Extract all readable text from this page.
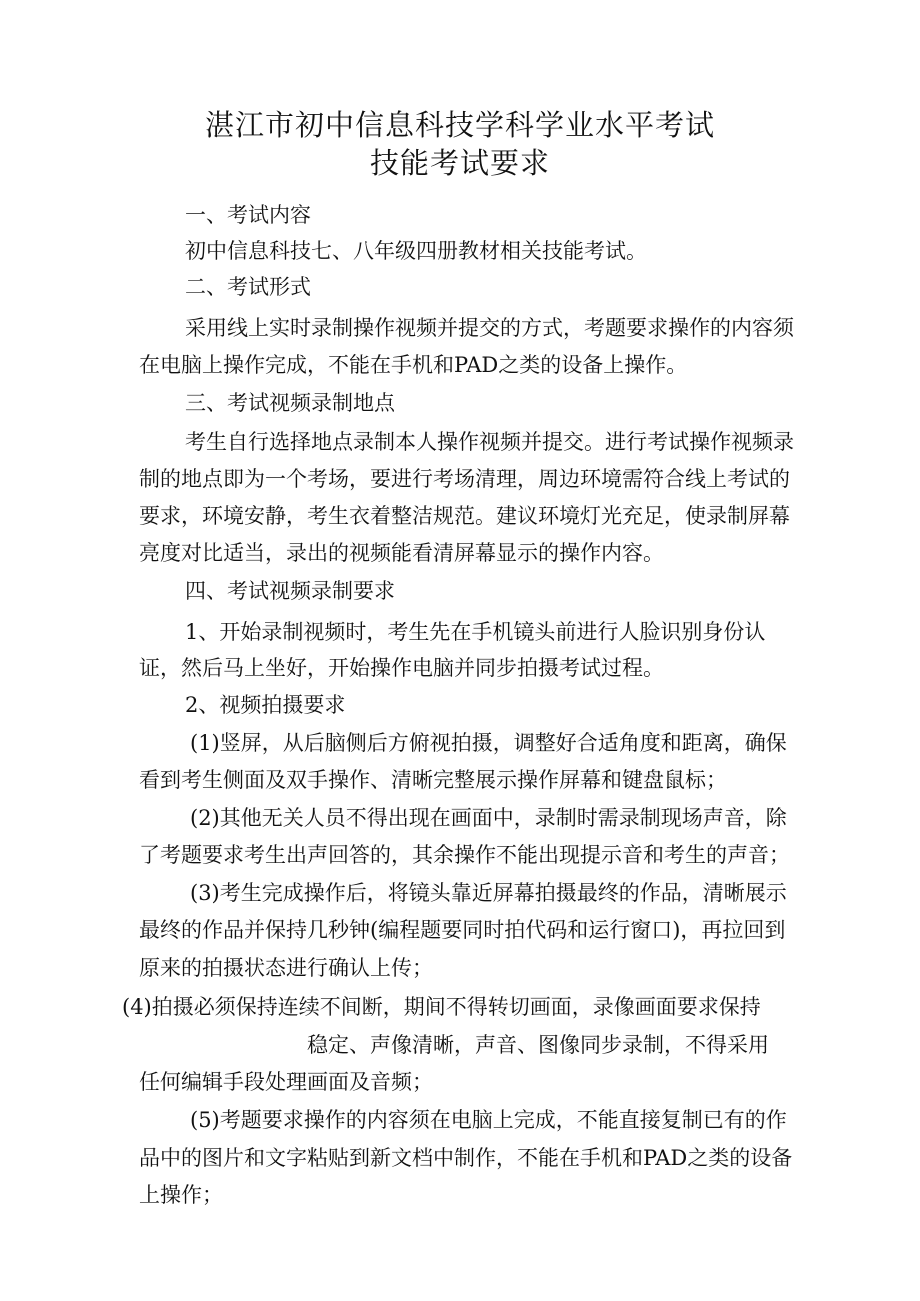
湛江市初中信息科技学科学业水平考试
技能考试要求
一、考试内容
初中信息科技七、八年级四册教材相关技能考试。
二、考试形式
采用线上实时录制操作视频并提交的方式，考题要求操作的内容须
在电脑上操作完成，不能在手机和PAD之类的设备上操作。
三、考试视频录制地点
考生自行选择地点录制本人操作视频并提交。进行考试操作视频录
制的地点即为一个考场，要进行考场清理，周边环境需符合线上考试的
要求，环境安静，考生衣着整洁规范。建议环境灯光充足，使录制屏幕
亮度对比适当，录出的视频能看清屏幕显示的操作内容。
四、考试视频录制要求
1、开始录制视频时，考生先在手机镜头前进行人脸识别身份认
证，然后马上坐好，开始操作电脑并同步拍摄考试过程。
2、视频拍摄要求
(1)竖屏，从后脑侧后方俯视拍摄，调整好合适角度和距离，确保
看到考生侧面及双手操作、清晰完整展示操作屏幕和键盘鼠标；
(2)其他无关人员不得出现在画面中，录制时需录制现场声音，除
了考题要求考生出声回答的，其余操作不能出现提示音和考生的声音；
(3)考生完成操作后，将镜头靠近屏幕拍摄最终的作品，清晰展示
最终的作品并保持几秒钟(编程题要同时拍代码和运行窗口)，再拉回到
原来的拍摄状态进行确认上传；
(4)拍摄必须保持连续不间断，期间不得转切画面，录像画面要求保持
稳定、声像清晰，声音、图像同步录制，不得采用
任何编辑手段处理画面及音频；
(5)考题要求操作的内容须在电脑上完成，不能直接复制已有的作
品中的图片和文字粘贴到新文档中制作，不能在手机和PAD之类的设备
上操作；
